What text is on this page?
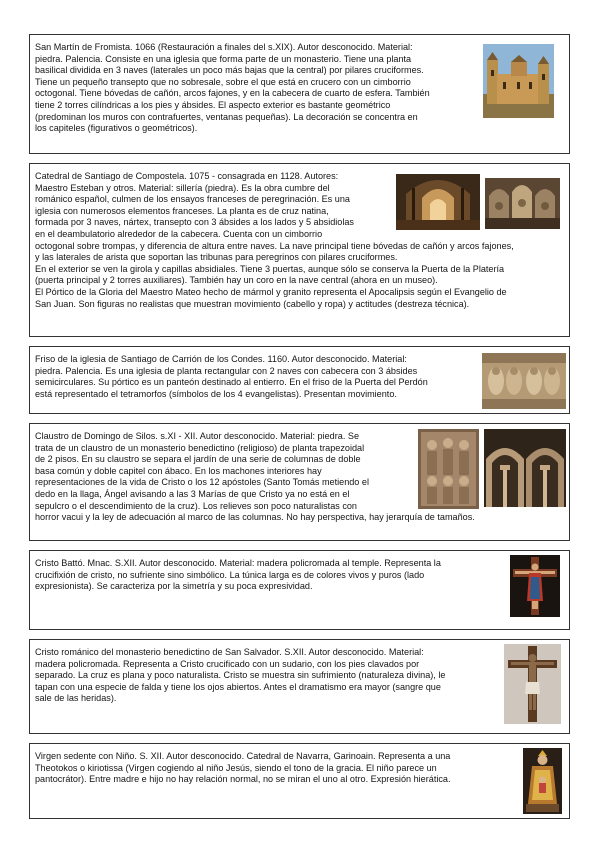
San Martín de Fromista. 1066 (Restauración a finales del s.XIX). Autor desconocido. Material:
piedra. Palencia. Consiste en una iglesia que forma parte de un monasterio. Tiene una planta
basilical dividida en 3 naves (laterales un poco más bajas que la central) por pilares cruciformes.
Tiene un pequeño transepto que no sobresale, sobre el que está en crucero con un cimborrio
octogonal. Tiene bóvedas de cañón, arcos fajones, y en la cabecera de cuarto de esfera. También
tiene 2 torres cilíndricas a los pies y ábsides. El aspecto exterior es bastante geométrico
(predominan los muros con contrafuertes, ventanas pequeñas). La decoración se concentra en
los capiteles (figurativos o geométricos).
Catedral de Santiago de Compostela. 1075 - consagrada en 1128. Autores:
Maestro Esteban y otros. Material: sillería (piedra). Es la obra cumbre del
románico español, culmen de los ensayos franceses de peregrinación. Es una
iglesia con numerosos elementos franceses. La planta es de cruz natina,
formada por 3 naves, nártex, transepto con 3 ábsides a los lados y 5 absidiolas
en el deambulatorio alrededor de la cabecera. Cuenta con un cimborrio
octogonal sobre trompas, y diferencia de altura entre naves. La nave principal tiene bóvedas de cañón y arcos fajones,
y las laterales de arista que soportan las tribunas para peregrinos con pilares cruciformes.
En el exterior se ven la girola y capillas absidiales. Tiene 3 puertas, aunque sólo se conserva la Puerta de la Platería
(puerta principal y 2 torres auxiliares). También hay un coro en la nave central (ahora en un museo).
El Pórtico de la Gloria del Maestro Mateo hecho de mármol y granito representa el Apocalipsis según el Evangelio de
San Juan. Son figuras no realistas que muestran movimiento (cabello y ropa) y actitudes (destreza técnica).
Friso de la iglesia de Santiago de Carrión de los Condes. 1160. Autor desconocido. Material:
piedra. Palencia. Es una iglesia de planta rectangular con 2 naves con cabecera con 3 ábsides
semicirculares. Su pórtico es un panteón destinado al entierro. En el friso de la Puerta del Perdón
está representado el tetramorfos (símbolos de los 4 evangelistas). Presentan movimiento.
Claustro de Domingo de Silos. s.XI - XII. Autor desconocido. Material: piedra. Se
trata de un claustro de un monasterio benedictino (religioso) de planta trapezoidal
de 2 pisos. En su claustro se separa el jardín de una serie de columnas de doble
basa común y doble capitel con ábaco. En los machones interiores hay
representaciones de la vida de Cristo o los 12 apóstoles (Santo Tomás metiendo el
dedo en la llaga, Ángel avisando a las 3 Marías de que Cristo ya no está en el
sepulcro o el descendimiento de la cruz). Los relieves son poco naturalistas con
horror vacui y la ley de adecuación al marco de las columnas. No hay perspectiva, hay jerarquía de tamaños.
Cristo Battó. Mnac. S.XII. Autor desconocido. Material: madera policromada al temple. Representa la
crucifixión de cristo, no sufriente sino simbólico. La túnica larga es de colores vivos y puros (lado
expresionista). Se caracteriza por la simetría y su poca expresividad.
Cristo románico del monasterio benedictino de San Salvador. S.XII. Autor desconocido. Material:
madera policromada. Representa a Cristo crucificado con un sudario, con los pies clavados por
separado. La cruz es plana y poco naturalista. Cristo se muestra sin sufrimiento (naturaleza divina), le
tapan con una especie de falda y tiene los ojos abiertos. Antes el dramatismo era mayor (sangre que
sale de las heridas).
Virgen sedente con Niño. S. XII. Autor desconocido. Catedral de Navarra, Garinoain. Representa a una
Theotokos o kiriotissa (Virgen cogiendo al niño Jesús, siendo el tono de la gracia. El niño parece un
pantocrátor). Entre madre e hijo no hay relación normal, no se miran el uno al otro. Expresión hierática.
